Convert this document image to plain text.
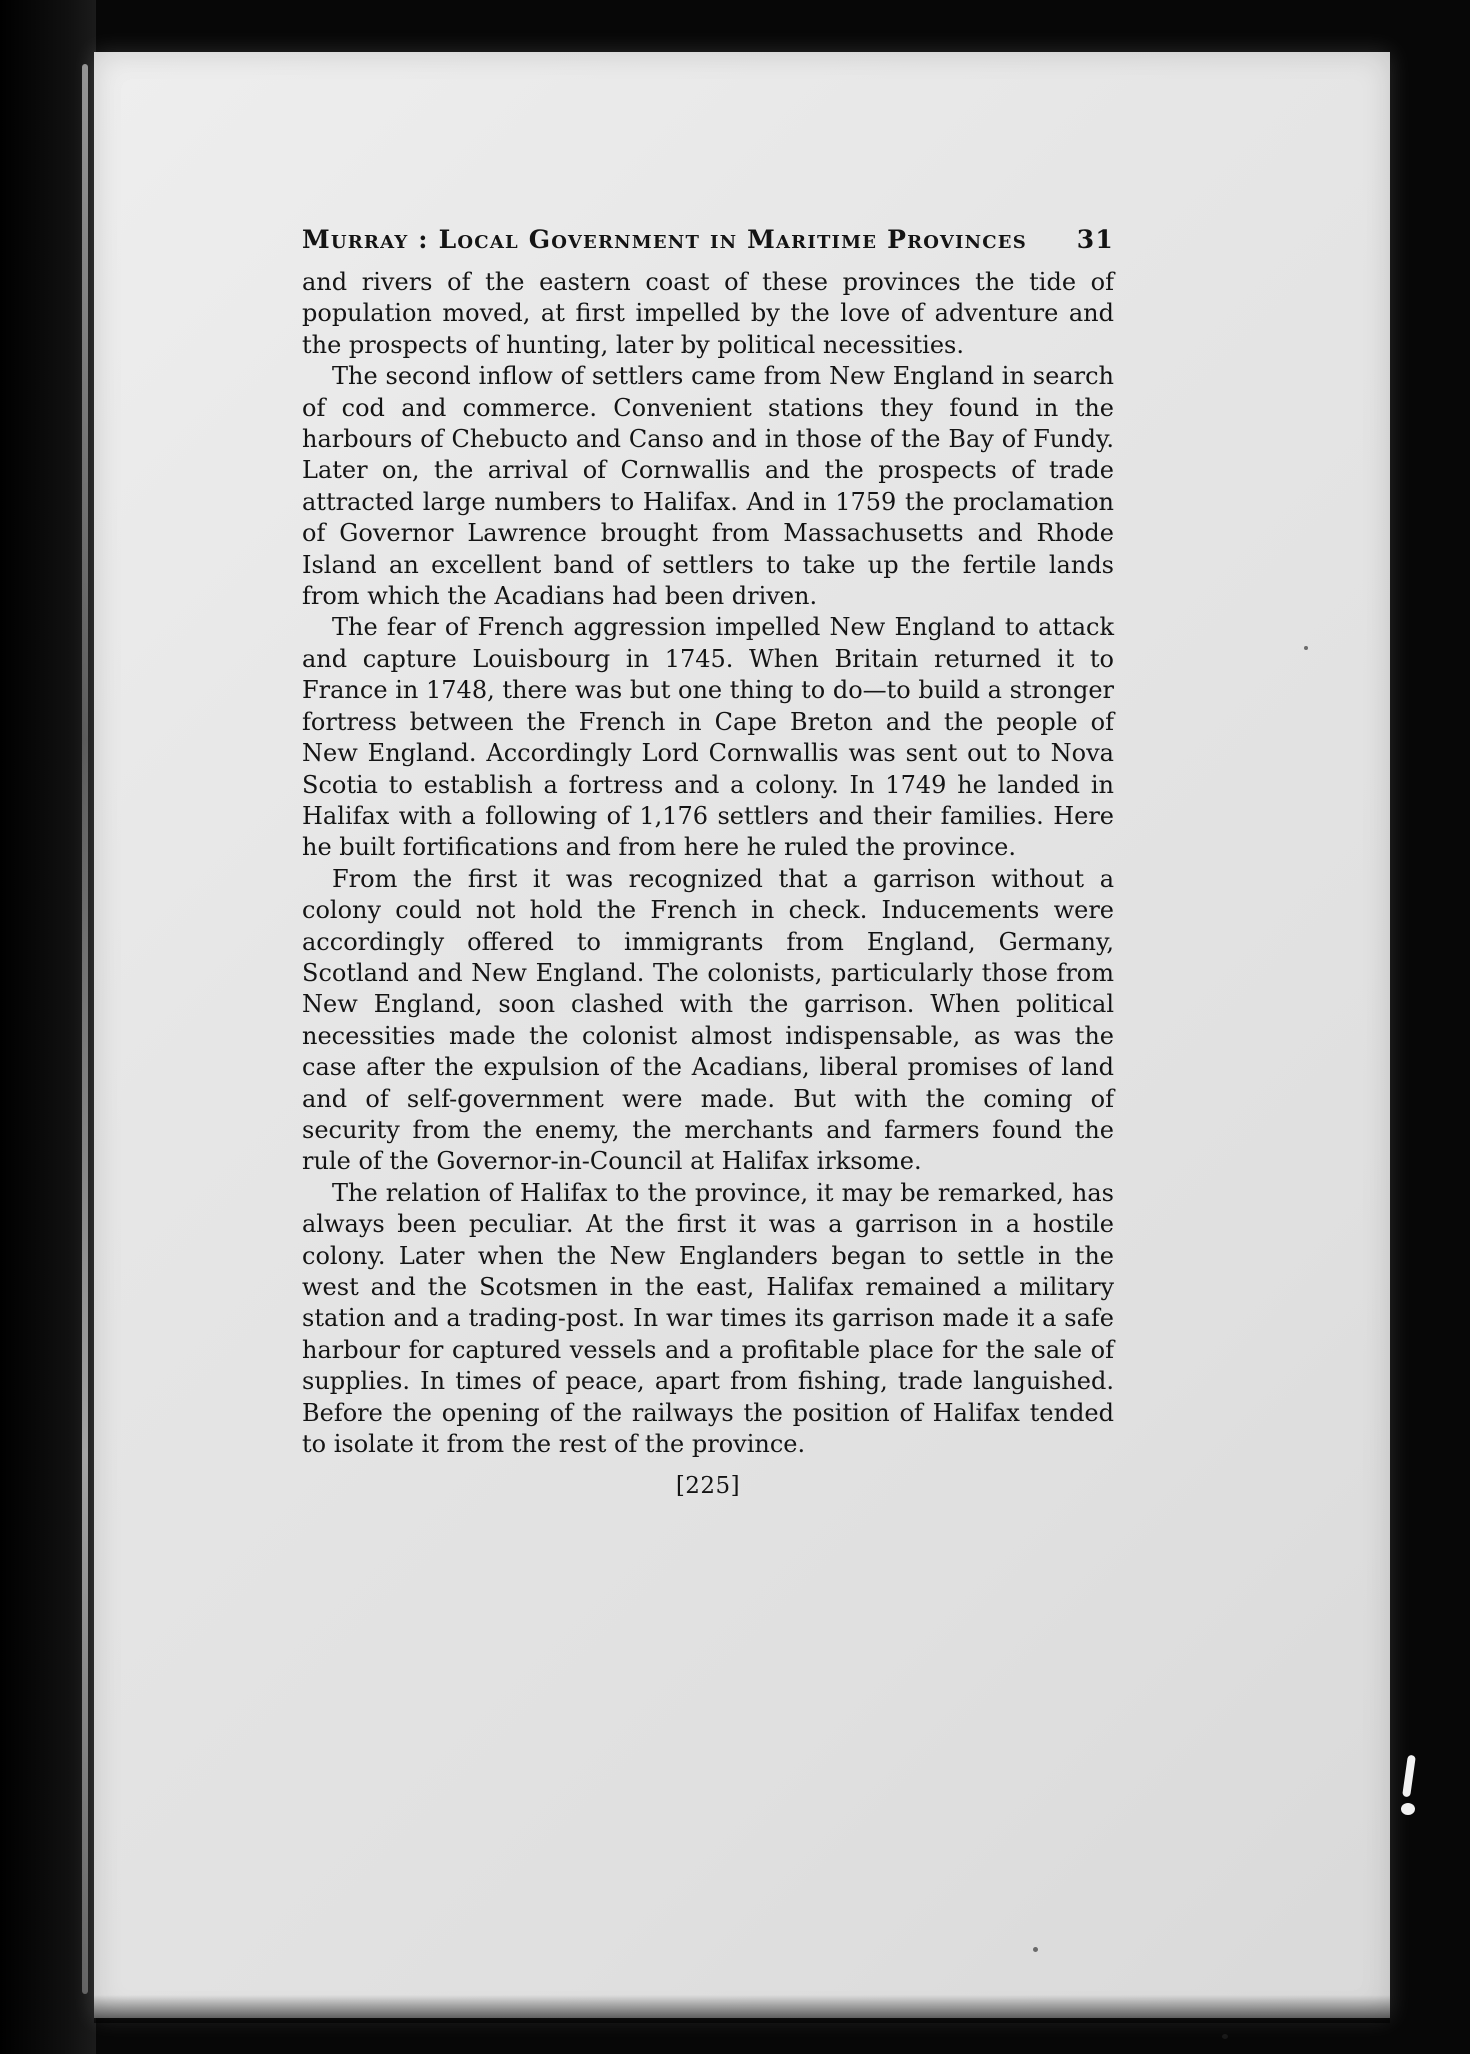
Murray : Local Government in Maritime Provinces 31

and rivers of the eastern coast of these provinces the tide of population moved, at first impelled by the love of adventure and the prospects of hunting, later by political necessities.

The second inflow of settlers came from New England in search of cod and commerce. Convenient stations they found in the harbours of Chebucto and Canso and in those of the Bay of Fundy. Later on, the arrival of Cornwallis and the prospects of trade attracted large numbers to Halifax. And in 1759 the proclamation of Governor Lawrence brought from Massachusetts and Rhode Island an excellent band of settlers to take up the fertile lands from which the Acadians had been driven.

The fear of French aggression impelled New England to attack and capture Louisbourg in 1745. When Britain returned it to France in 1748, there was but one thing to do—to build a stronger fortress between the French in Cape Breton and the people of New England. Accordingly Lord Cornwallis was sent out to Nova Scotia to establish a fortress and a colony. In 1749 he landed in Halifax with a following of 1,176 settlers and their families. Here he built fortifications and from here he ruled the province.

From the first it was recognized that a garrison without a colony could not hold the French in check. Inducements were accordingly offered to immigrants from England, Germany, Scotland and New England. The colonists, particularly those from New England, soon clashed with the garrison. When political necessities made the colonist almost indispensable, as was the case after the expulsion of the Acadians, liberal promises of land and of self-government were made. But with the coming of security from the enemy, the merchants and farmers found the rule of the Governor-in-Council at Halifax irksome.

The relation of Halifax to the province, it may be remarked, has always been peculiar. At the first it was a garrison in a hostile colony. Later when the New Englanders began to settle in the west and the Scotsmen in the east, Halifax remained a military station and a trading-post. In war times its garrison made it a safe harbour for captured vessels and a profitable place for the sale of supplies. In times of peace, apart from fishing, trade languished. Before the opening of the railways the position of Halifax tended to isolate it from the rest of the province.

[225]
